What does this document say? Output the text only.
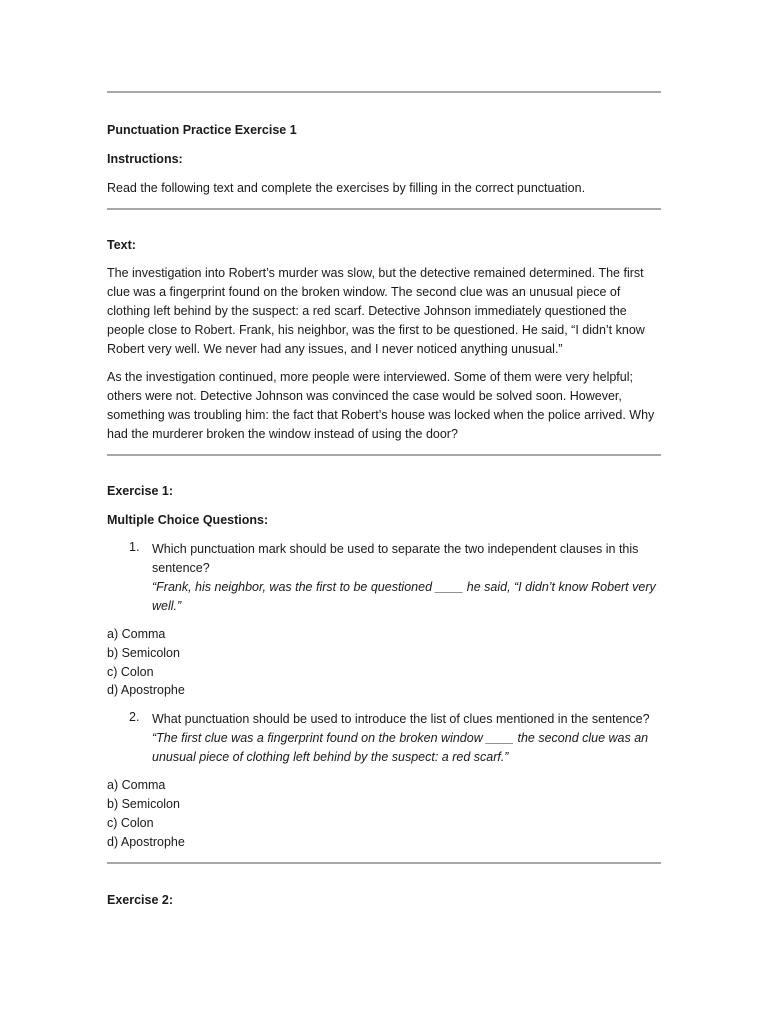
Punctuation Practice Exercise 1

Instructions:

Read the following text and complete the exercises by filling in the correct punctuation.

Text:

The investigation into Robert’s murder was slow, but the detective remained determined. The first clue was a fingerprint found on the broken window. The second clue was an unusual piece of clothing left behind by the suspect: a red scarf. Detective Johnson immediately questioned the people close to Robert. Frank, his neighbor, was the first to be questioned. He said, “I didn’t know Robert very well. We never had any issues, and I never noticed anything unusual.”

As the investigation continued, more people were interviewed. Some of them were very helpful; others were not. Detective Johnson was convinced the case would be solved soon. However, something was troubling him: the fact that Robert’s house was locked when the police arrived. Why had the murderer broken the window instead of using the door?

Exercise 1:

Multiple Choice Questions:

1. Which punctuation mark should be used to separate the two independent clauses in this sentence?

“Frank, his neighbor, was the first to be questioned ____ he said, “I didn’t know Robert very well.”

a) Comma

b) Semicolon

c) Colon

d) Apostrophe

2. What punctuation should be used to introduce the list of clues mentioned in the sentence?

“The first clue was a fingerprint found on the broken window ____ the second clue was an unusual piece of clothing left behind by the suspect: a red scarf.”

a) Comma

b) Semicolon

c) Colon

d) Apostrophe

Exercise 2:
